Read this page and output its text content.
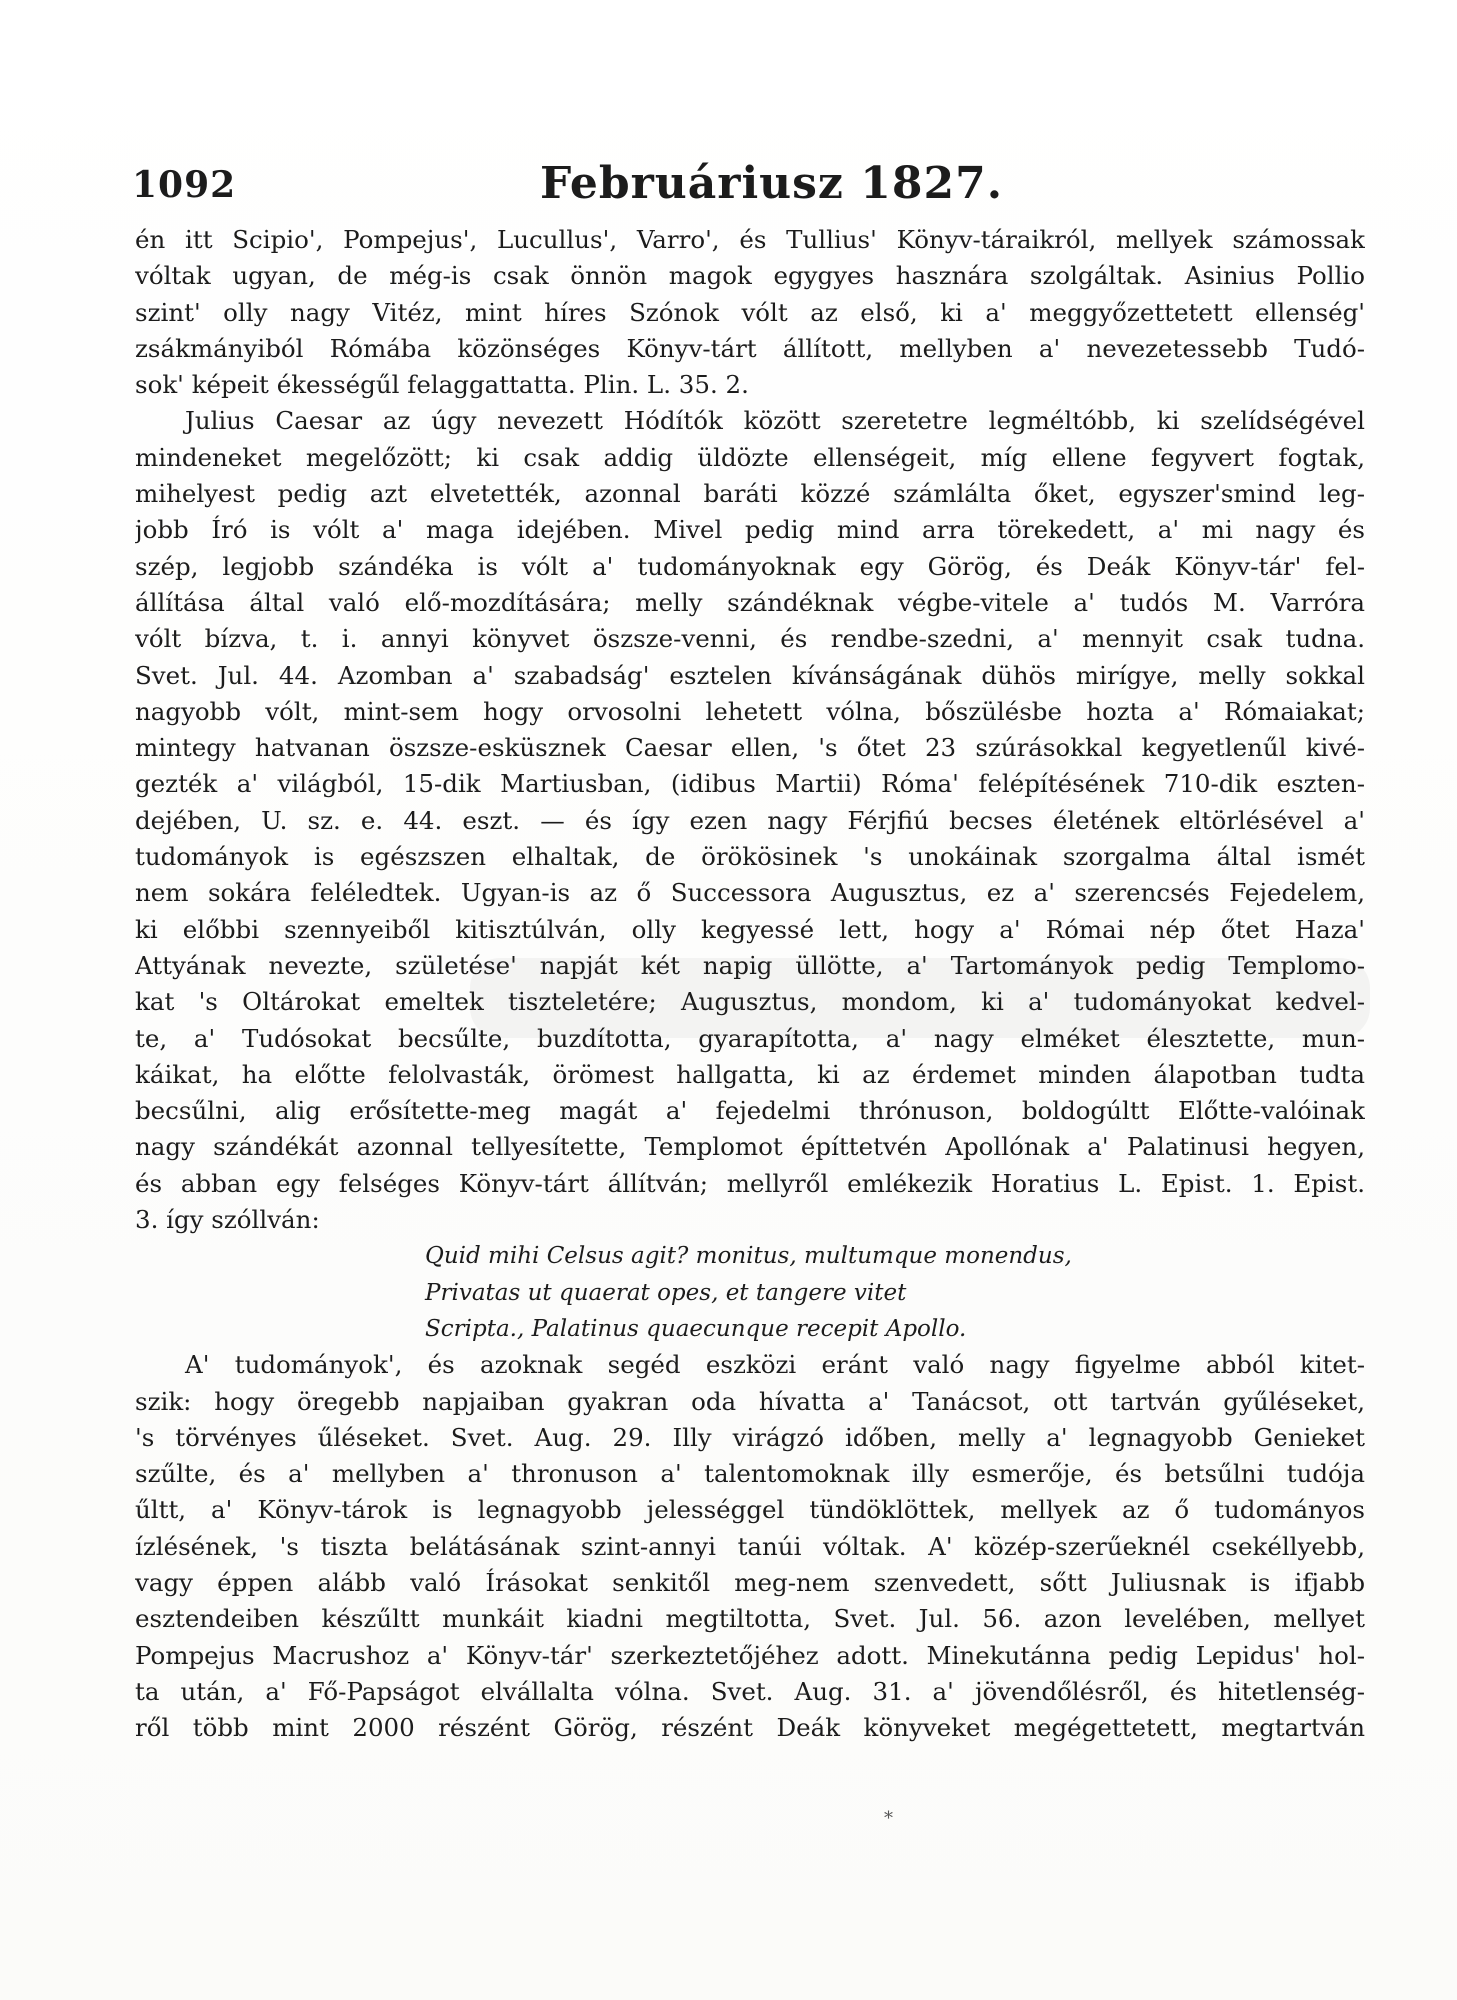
1092	Februáriusz 1827.
én itt Scipio', Pompejus', Lucullus', Varro', és Tullius' Könyv-táraikról, mellyek számossak
vóltak ugyan, de még-is csak önnön magok egygyes hasznára szolgáltak. Asinius Pollio
szint' olly nagy Vitéz, mint híres Szónok vólt az első, ki a' meggyőzettetett ellenség'
zsákmányiból Rómába közönséges Könyv-tárt állított, mellyben a' nevezetessebb Tudó-
sok' képeit ékességűl felaggattatta. Plin. L. 35. 2.
Julius Caesar az úgy nevezett Hódítók között szeretetre legméltóbb, ki szelídségével
mindeneket megelőzött; ki csak addig üldözte ellenségeit, míg ellene fegyvert fogtak,
mihelyest pedig azt elvetették, azonnal baráti közzé számlálta őket, egyszer'smind leg-
jobb Író is vólt a' maga idejében. Mivel pedig mind arra törekedett, a' mi nagy és
szép, legjobb szándéka is vólt a' tudományoknak egy Görög, és Deák Könyv-tár' fel-
állítása által való elő-mozdítására; melly szándéknak végbe-vitele a' tudós M. Varróra
vólt bízva, t. i. annyi könyvet öszsze-venni, és rendbe-szedni, a' mennyit csak tudna.
Svet. Jul. 44. Azomban a' szabadság' esztelen kívánságának dühös mirígye, melly sokkal
nagyobb vólt, mint-sem hogy orvosolni lehetett vólna, bőszülésbe hozta a' Rómaiakat;
mintegy hatvanan öszsze-esküsznek Caesar ellen, 's őtet 23 szúrásokkal kegyetlenűl kivé-
gezték a' világból, 15-dik Martiusban, (idibus Martii) Róma' felépítésének 710-dik eszten-
dejében, U. sz. e. 44. eszt. — és így ezen nagy Férjfiú becses életének eltörlésével a'
tudományok is egészszen elhaltak, de örökösinek 's unokáinak szorgalma által ismét
nem sokára feléledtek. Ugyan-is az ő Successora Augusztus, ez a' szerencsés Fejedelem,
ki előbbi szennyeiből kitisztúlván, olly kegyessé lett, hogy a' Római nép őtet Haza'
Attyának nevezte, születése' napját két napig üllötte, a' Tartományok pedig Templomo-
kat 's Oltárokat emeltek tiszteletére; Augusztus, mondom, ki a' tudományokat kedvel-
te, a' Tudósokat becsűlte, buzdította, gyarapította, a' nagy elméket élesztette, mun-
káikat, ha előtte felolvasták, örömest hallgatta, ki az érdemet minden álapotban tudta
becsűlni, alig erősítette-meg magát a' fejedelmi thrónuson, boldogúltt Előtte-valóinak
nagy szándékát azonnal tellyesítette, Templomot építtetvén Apollónak a' Palatinusi hegyen,
és abban egy felséges Könyv-tárt állítván; mellyről emlékezik Horatius L. Epist. 1. Epist.
3. így szóllván:
Quid mihi Celsus agit? monitus, multumque monendus,
Privatas ut quaerat opes, et tangere vitet
Scripta., Palatinus quaecunque recepit Apollo.
A' tudományok', és azoknak segéd eszközi eránt való nagy figyelme abból kitet-
szik: hogy öregebb napjaiban gyakran oda hívatta a' Tanácsot, ott tartván gyűléseket,
's törvényes űléseket. Svet. Aug. 29. Illy virágzó időben, melly a' legnagyobb Genieket
szűlte, és a' mellyben a' thronuson a' talentomoknak illy esmerője, és betsűlni tudója
űltt, a' Könyv-tárok is legnagyobb jelességgel tündöklöttek, mellyek az ő tudományos
ízlésének, 's tiszta belátásának szint-annyi tanúi vóltak. A' közép-szerűeknél csekéllyebb,
vagy éppen alább való Írásokat senkitől meg-nem szenvedett, sőtt Juliusnak is ifjabb
esztendeiben készűltt munkáit kiadni megtiltotta, Svet. Jul. 56. azon levelében, mellyet
Pompejus Macrushoz a' Könyv-tár' szerkeztetőjéhez adott. Minekutánna pedig Lepidus' hol-
ta után, a' Fő-Papságot elvállalta vólna. Svet. Aug. 31. a' jövendőlésről, és hitetlenség-
ről több mint 2000 részént Görög, részént Deák könyveket megégettetett, megtartván
*
